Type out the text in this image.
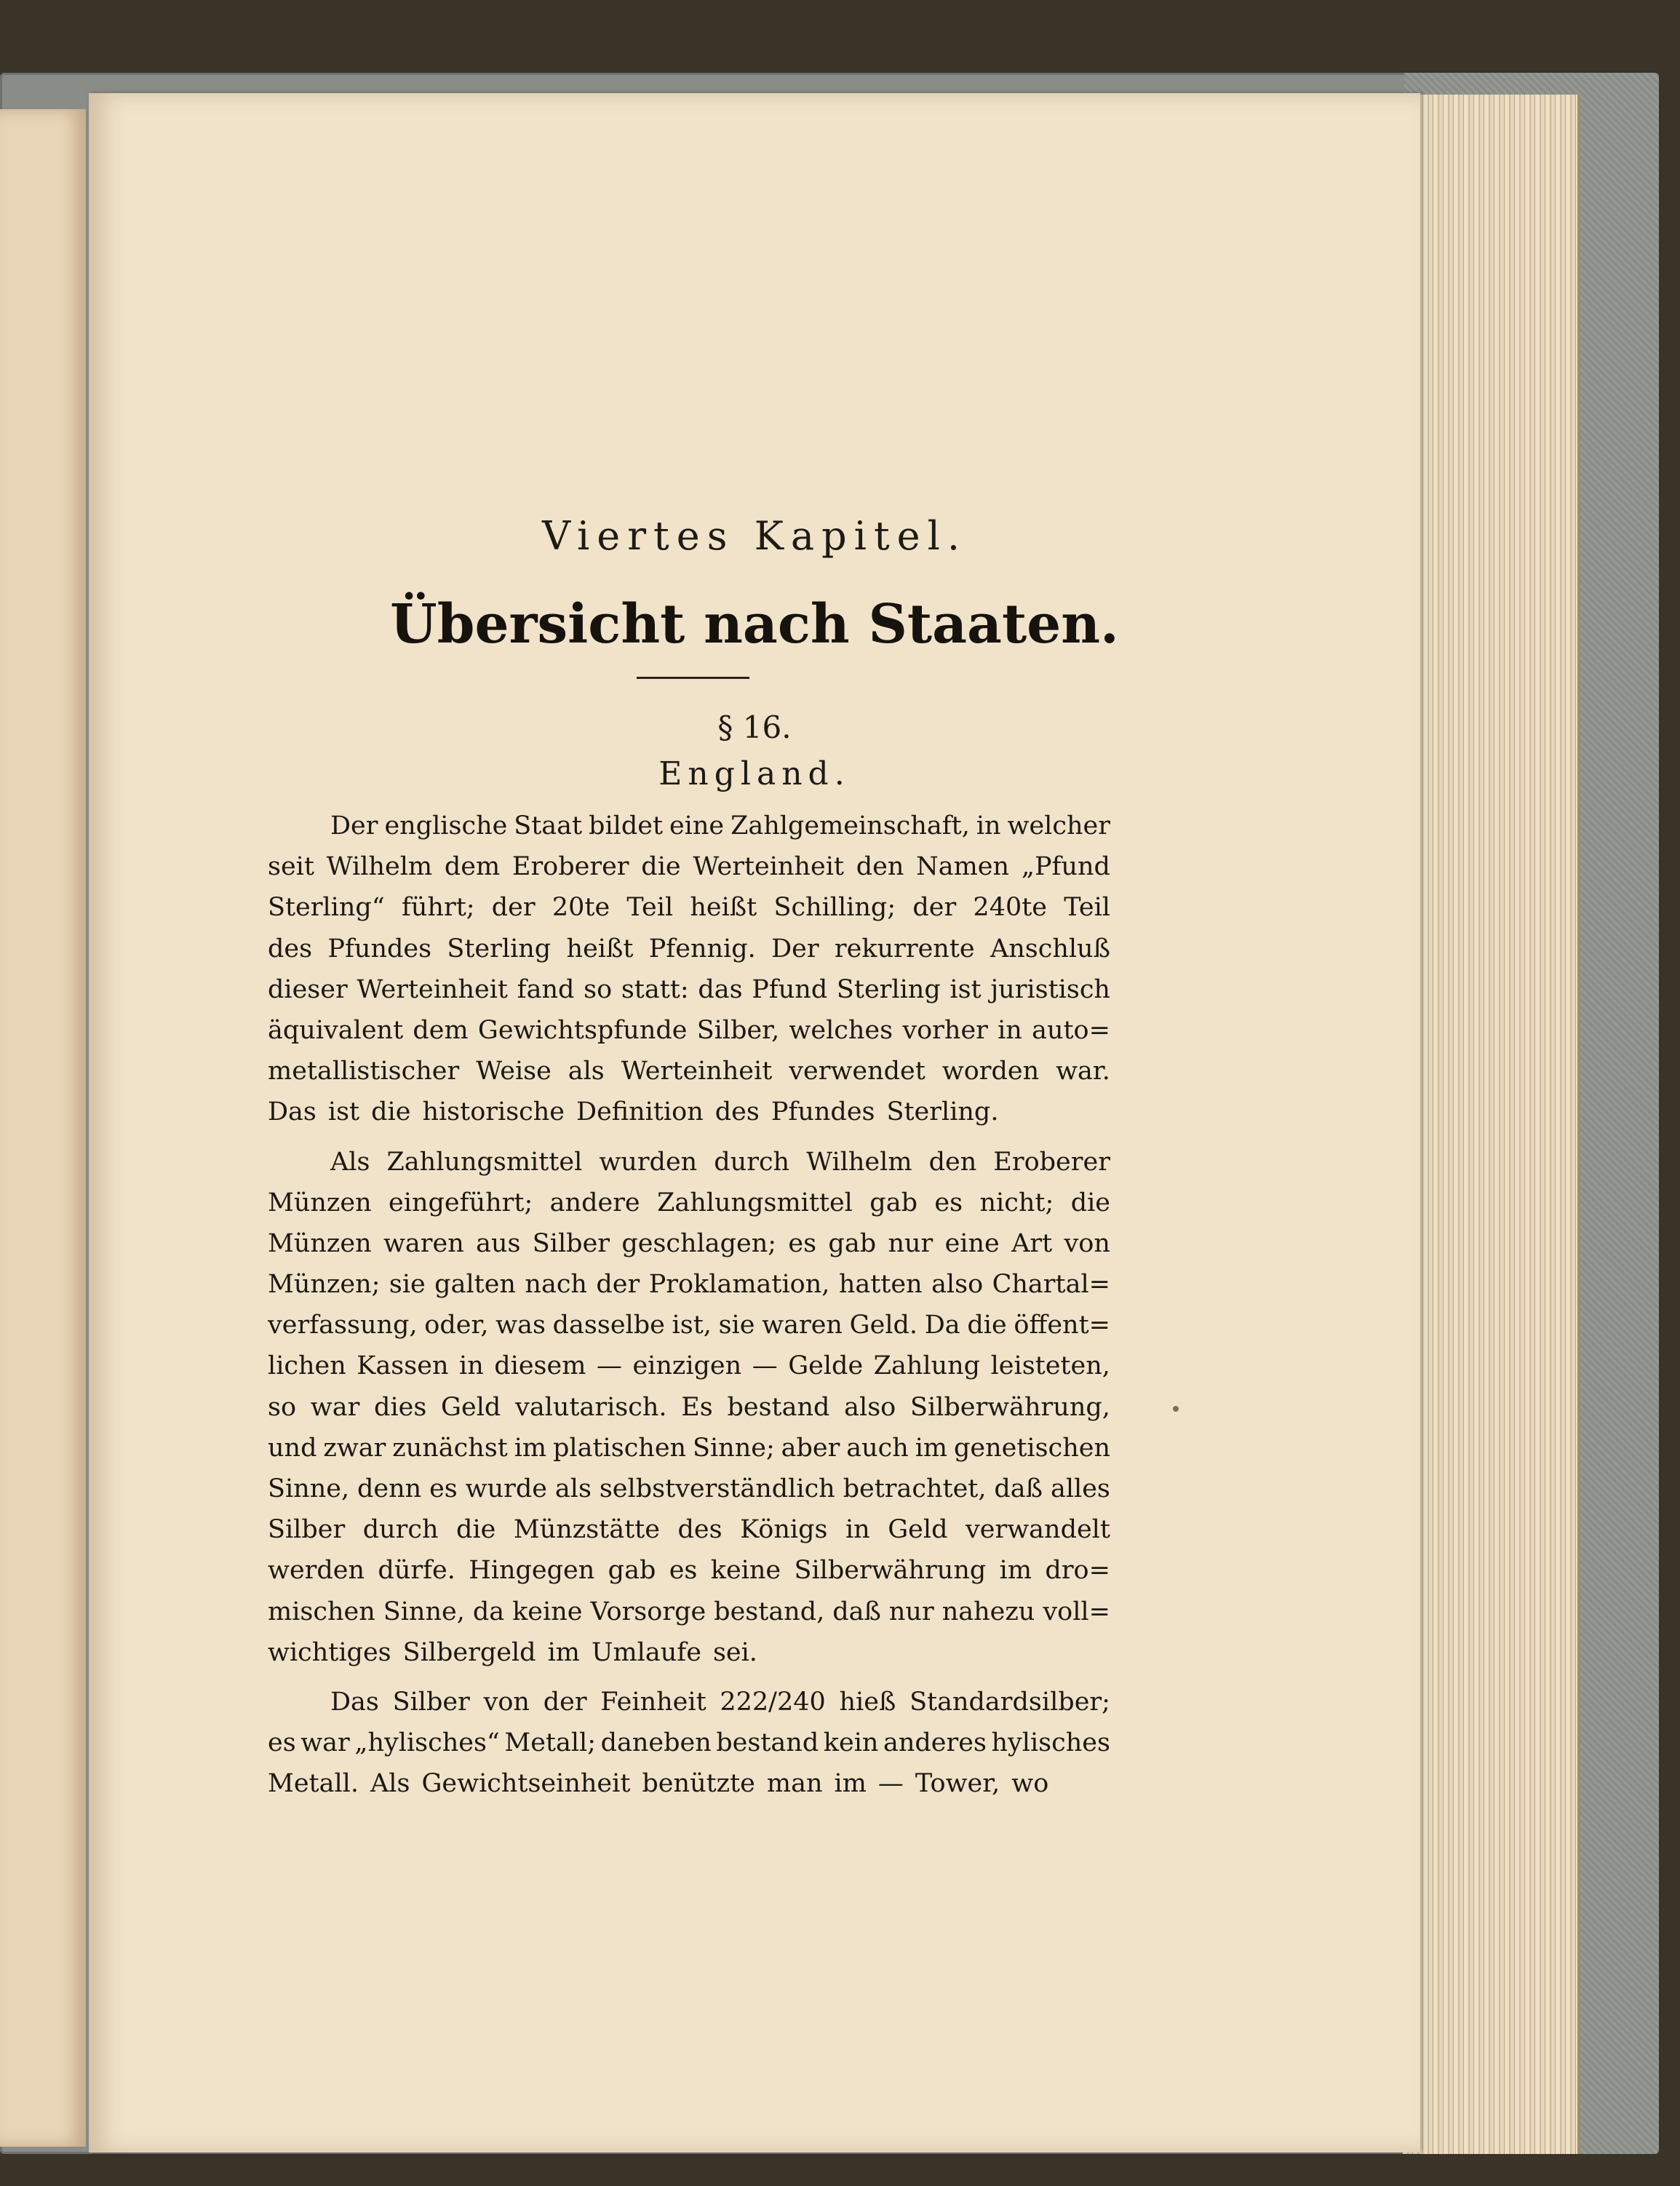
Viertes Kapitel.
Übersicht nach Staaten.
§ 16.
England.
Der englische Staat bildet eine Zahlgemeinschaft, in welcher
seit Wilhelm dem Eroberer die Werteinheit den Namen „Pfund
Sterling“ führt; der 20te Teil heißt Schilling; der 240te Teil
des Pfundes Sterling heißt Pfennig. Der rekurrente Anschluß
dieser Werteinheit fand so statt: das Pfund Sterling ist juristisch
äquivalent dem Gewichtspfunde Silber, welches vorher in auto=
metallistischer Weise als Werteinheit verwendet worden war.
Das ist die historische Definition des Pfundes Sterling.
Als Zahlungsmittel wurden durch Wilhelm den Eroberer
Münzen eingeführt; andere Zahlungsmittel gab es nicht; die
Münzen waren aus Silber geschlagen; es gab nur eine Art von
Münzen; sie galten nach der Proklamation, hatten also Chartal=
verfassung, oder, was dasselbe ist, sie waren Geld. Da die öffent=
lichen Kassen in diesem — einzigen — Gelde Zahlung leisteten,
so war dies Geld valutarisch. Es bestand also Silberwährung,
und zwar zunächst im platischen Sinne; aber auch im genetischen
Sinne, denn es wurde als selbstverständlich betrachtet, daß alles
Silber durch die Münzstätte des Königs in Geld verwandelt
werden dürfe. Hingegen gab es keine Silberwährung im dro=
mischen Sinne, da keine Vorsorge bestand, daß nur nahezu voll=
wichtiges Silbergeld im Umlaufe sei.
Das Silber von der Feinheit 222/240 hieß Standardsilber;
es war „hylisches“ Metall; daneben bestand kein anderes hylisches
Metall. Als Gewichtseinheit benützte man im — Tower, wo
